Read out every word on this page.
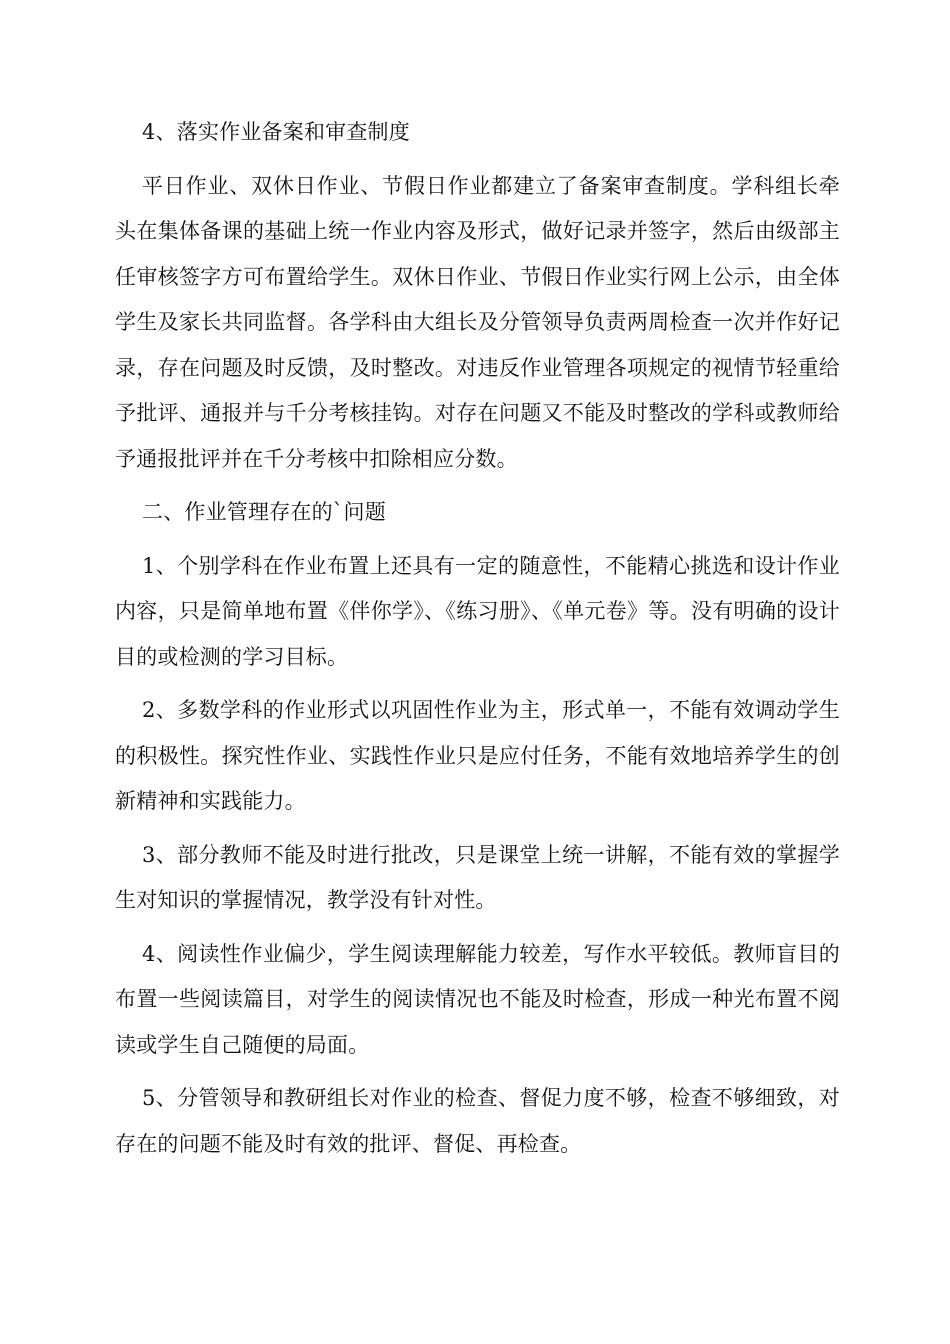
4、落实作业备案和审查制度

平日作业、双休日作业、节假日作业都建立了备案审查制度。学科组长牵头在集体备课的基础上统一作业内容及形式，做好记录并签字，然后由级部主任审核签字方可布置给学生。双休日作业、节假日作业实行网上公示，由全体学生及家长共同监督。各学科由大组长及分管领导负责两周检查一次并作好记录，存在问题及时反馈，及时整改。对违反作业管理各项规定的视情节轻重给予批评、通报并与千分考核挂钩。对存在问题又不能及时整改的学科或教师给予通报批评并在千分考核中扣除相应分数。

二、作业管理存在的`问题

1、个别学科在作业布置上还具有一定的随意性，不能精心挑选和设计作业内容，只是简单地布置《伴你学》、《练习册》、《单元卷》等。没有明确的设计目的或检测的学习目标。

2、多数学科的作业形式以巩固性作业为主，形式单一，不能有效调动学生的积极性。探究性作业、实践性作业只是应付任务，不能有效地培养学生的创新精神和实践能力。

3、部分教师不能及时进行批改，只是课堂上统一讲解，不能有效的掌握学生对知识的掌握情况，教学没有针对性。

4、阅读性作业偏少，学生阅读理解能力较差，写作水平较低。教师盲目的布置一些阅读篇目，对学生的阅读情况也不能及时检查，形成一种光布置不阅读或学生自己随便的局面。

5、分管领导和教研组长对作业的检查、督促力度不够，检查不够细致，对存在的问题不能及时有效的批评、督促、再检查。
